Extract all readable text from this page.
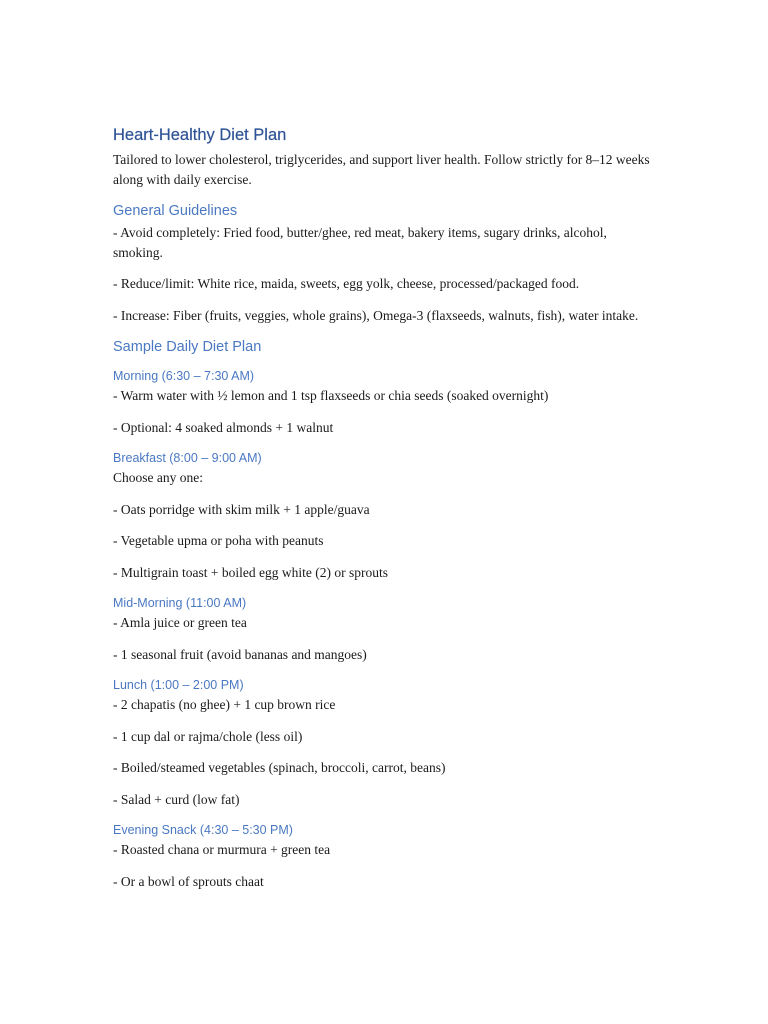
Heart-Healthy Diet Plan

Tailored to lower cholesterol, triglycerides, and support liver health. Follow strictly for 8–12 weeks along with daily exercise.

General Guidelines

- Avoid completely: Fried food, butter/ghee, red meat, bakery items, sugary drinks, alcohol, smoking.

- Reduce/limit: White rice, maida, sweets, egg yolk, cheese, processed/packaged food.

- Increase: Fiber (fruits, veggies, whole grains), Omega-3 (flaxseeds, walnuts, fish), water intake.

Sample Daily Diet Plan
Morning (6:30 – 7:30 AM)

- Warm water with ½ lemon and 1 tsp flaxseeds or chia seeds (soaked overnight)

- Optional: 4 soaked almonds + 1 walnut

Breakfast (8:00 – 9:00 AM)

Choose any one:

- Oats porridge with skim milk + 1 apple/guava

- Vegetable upma or poha with peanuts

- Multigrain toast + boiled egg white (2) or sprouts

Mid-Morning (11:00 AM)

- Amla juice or green tea

- 1 seasonal fruit (avoid bananas and mangoes)

Lunch (1:00 – 2:00 PM)

- 2 chapatis (no ghee) + 1 cup brown rice

- 1 cup dal or rajma/chole (less oil)

- Boiled/steamed vegetables (spinach, broccoli, carrot, beans)

- Salad + curd (low fat)

Evening Snack (4:30 – 5:30 PM)

- Roasted chana or murmura + green tea

- Or a bowl of sprouts chaat
